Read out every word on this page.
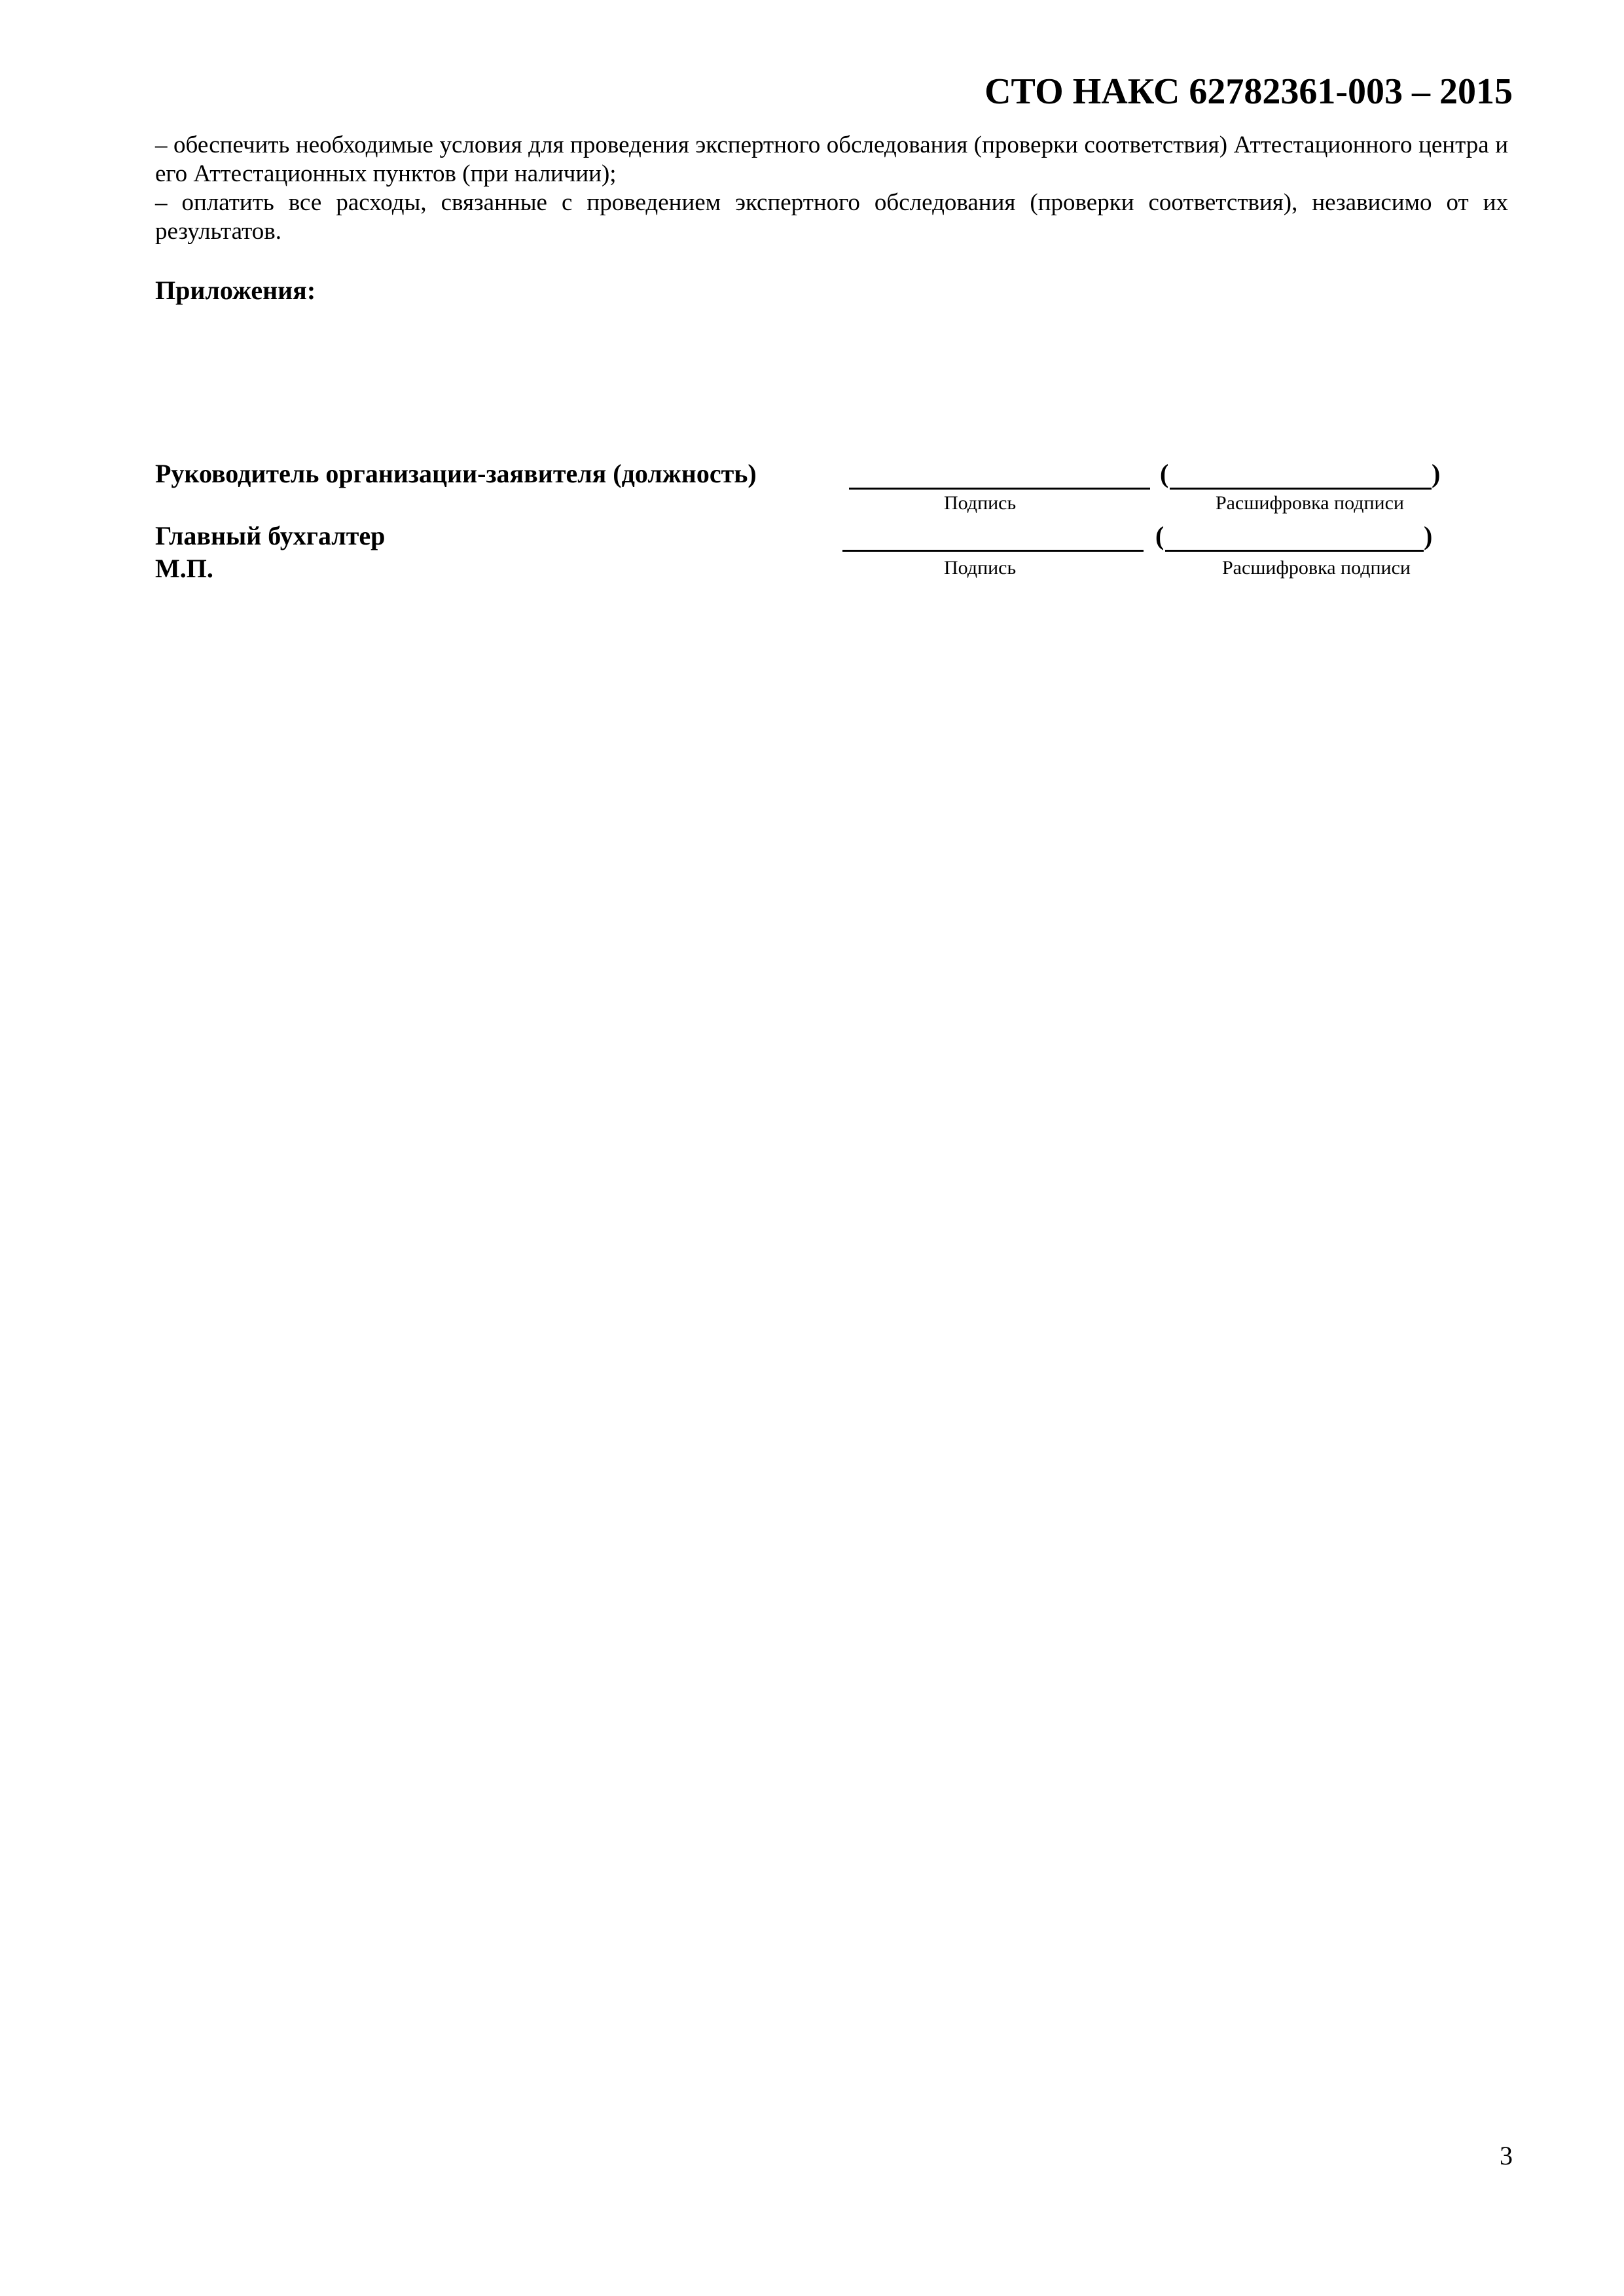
СТО НАКС 62782361-003 – 2015

– обеспечить необходимые условия для проведения экспертного обследования (проверки соответствия) Аттестационного центра и его Аттестационных пунктов (при наличии);

– оплатить все расходы, связанные с проведением экспертного обследования (проверки соответствия), независимо от их результатов.

Приложения:
Руководитель организации-заявителя (должность)	(	)
Подпись	Расшифровка подписи
Главный бухгалтер	(	)
Подпись	Расшифровка подписи
М.П.
3
